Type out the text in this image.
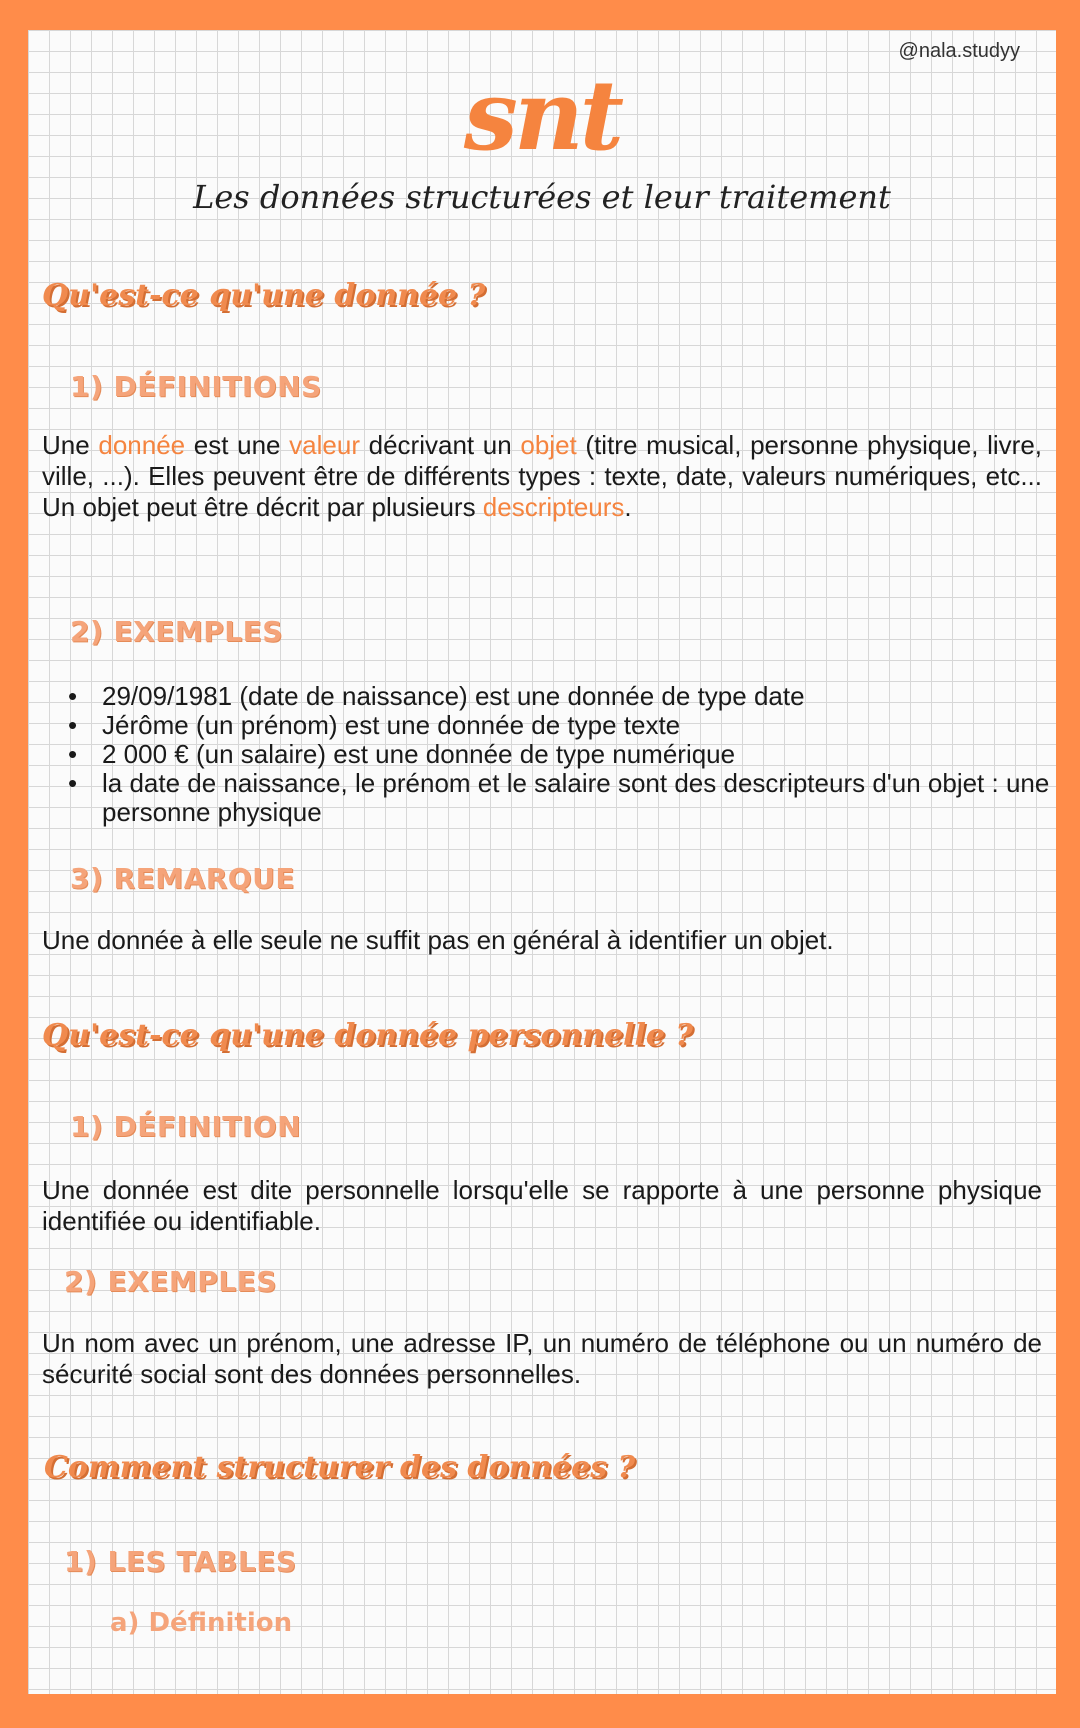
@nala.studyy
snt
Les données structurées et leur traitement
Qu'est-ce qu'une donnée ?
1) DÉFINITIONS
Une donnée est une valeur décrivant un objet (titre musical, personne physique, livre, ville, ...). Elles peuvent être de différents types : texte, date, valeurs numériques, etc... Un objet peut être décrit par plusieurs descripteurs.
2) EXEMPLES
• 29/09/1981 (date de naissance) est une donnée de type date
• Jérôme (un prénom) est une donnée de type texte
• 2 000 € (un salaire) est une donnée de type numérique
• la date de naissance, le prénom et le salaire sont des descripteurs d'un objet : une personne physique
3) REMARQUE
Une donnée à elle seule ne suffit pas en général à identifier un objet.
Qu'est-ce qu'une donnée personnelle ?
1) DÉFINITION
Une donnée est dite personnelle lorsqu'elle se rapporte à une personne physique identifiée ou identifiable.
2) EXEMPLES
Un nom avec un prénom, une adresse IP, un numéro de téléphone ou un numéro de sécurité social sont des données personnelles.
Comment structurer des données ?
1) LES TABLES
a) Définition
